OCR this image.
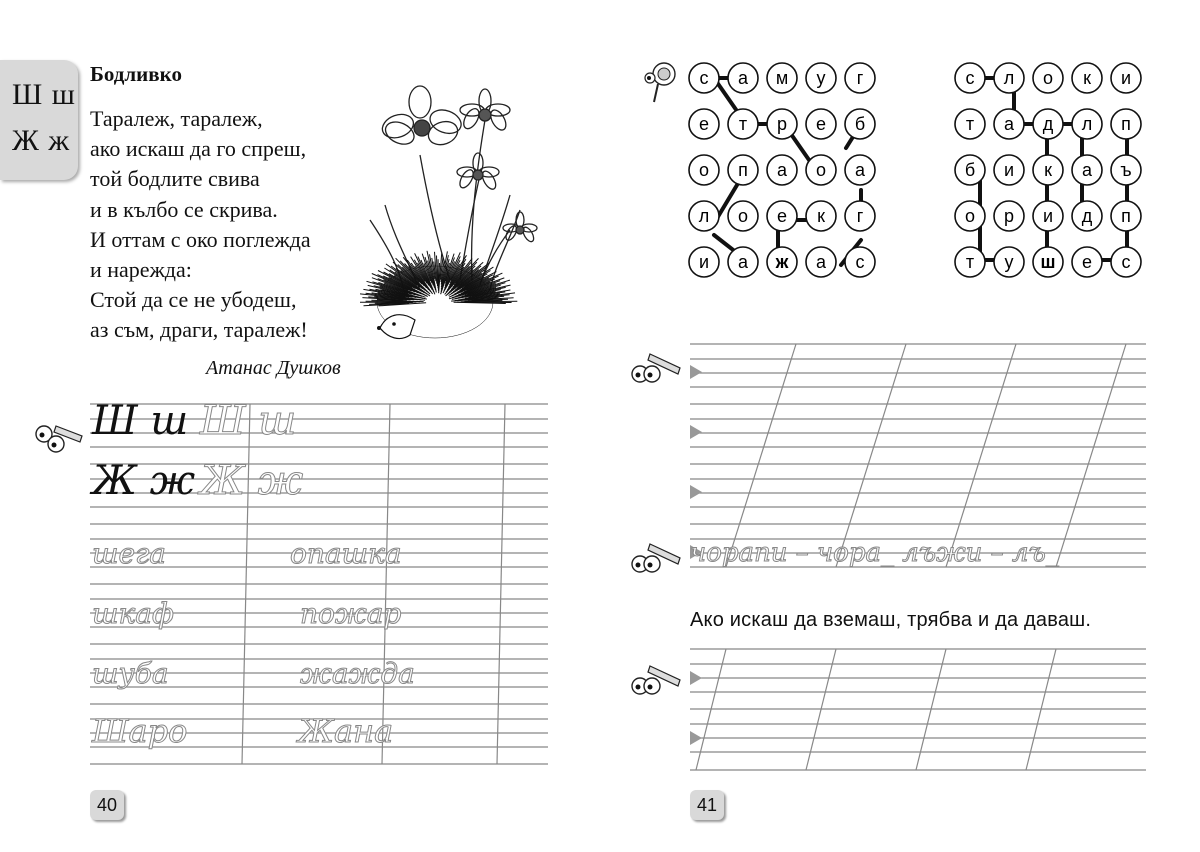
Ш ш
Ж ж
Бодливко
Таралеж, таралеж,
ако искаш да го спреш,
той бодлите свива
и в кълбо се скрива.
И оттам с око поглежда
и нарежда:
Стой да се не убодеш,
аз съм, драги, таралеж!
Атанас Душков
Ш ш Ш ш
Ж ж Ж ж
шега
шкаф
шуба
Шаро
опашка
пожар
жажда
Жана
40
с а м у г
е т р е б
о п а о а
л о е к г
и а ж а с
с л о к и
т а д л п
б и к а ъ
о р и д п
т у ш е с
чорапи – чора_ лъжи – лъ_
Ако искаш да вземаш, трябва и да даваш.
41
